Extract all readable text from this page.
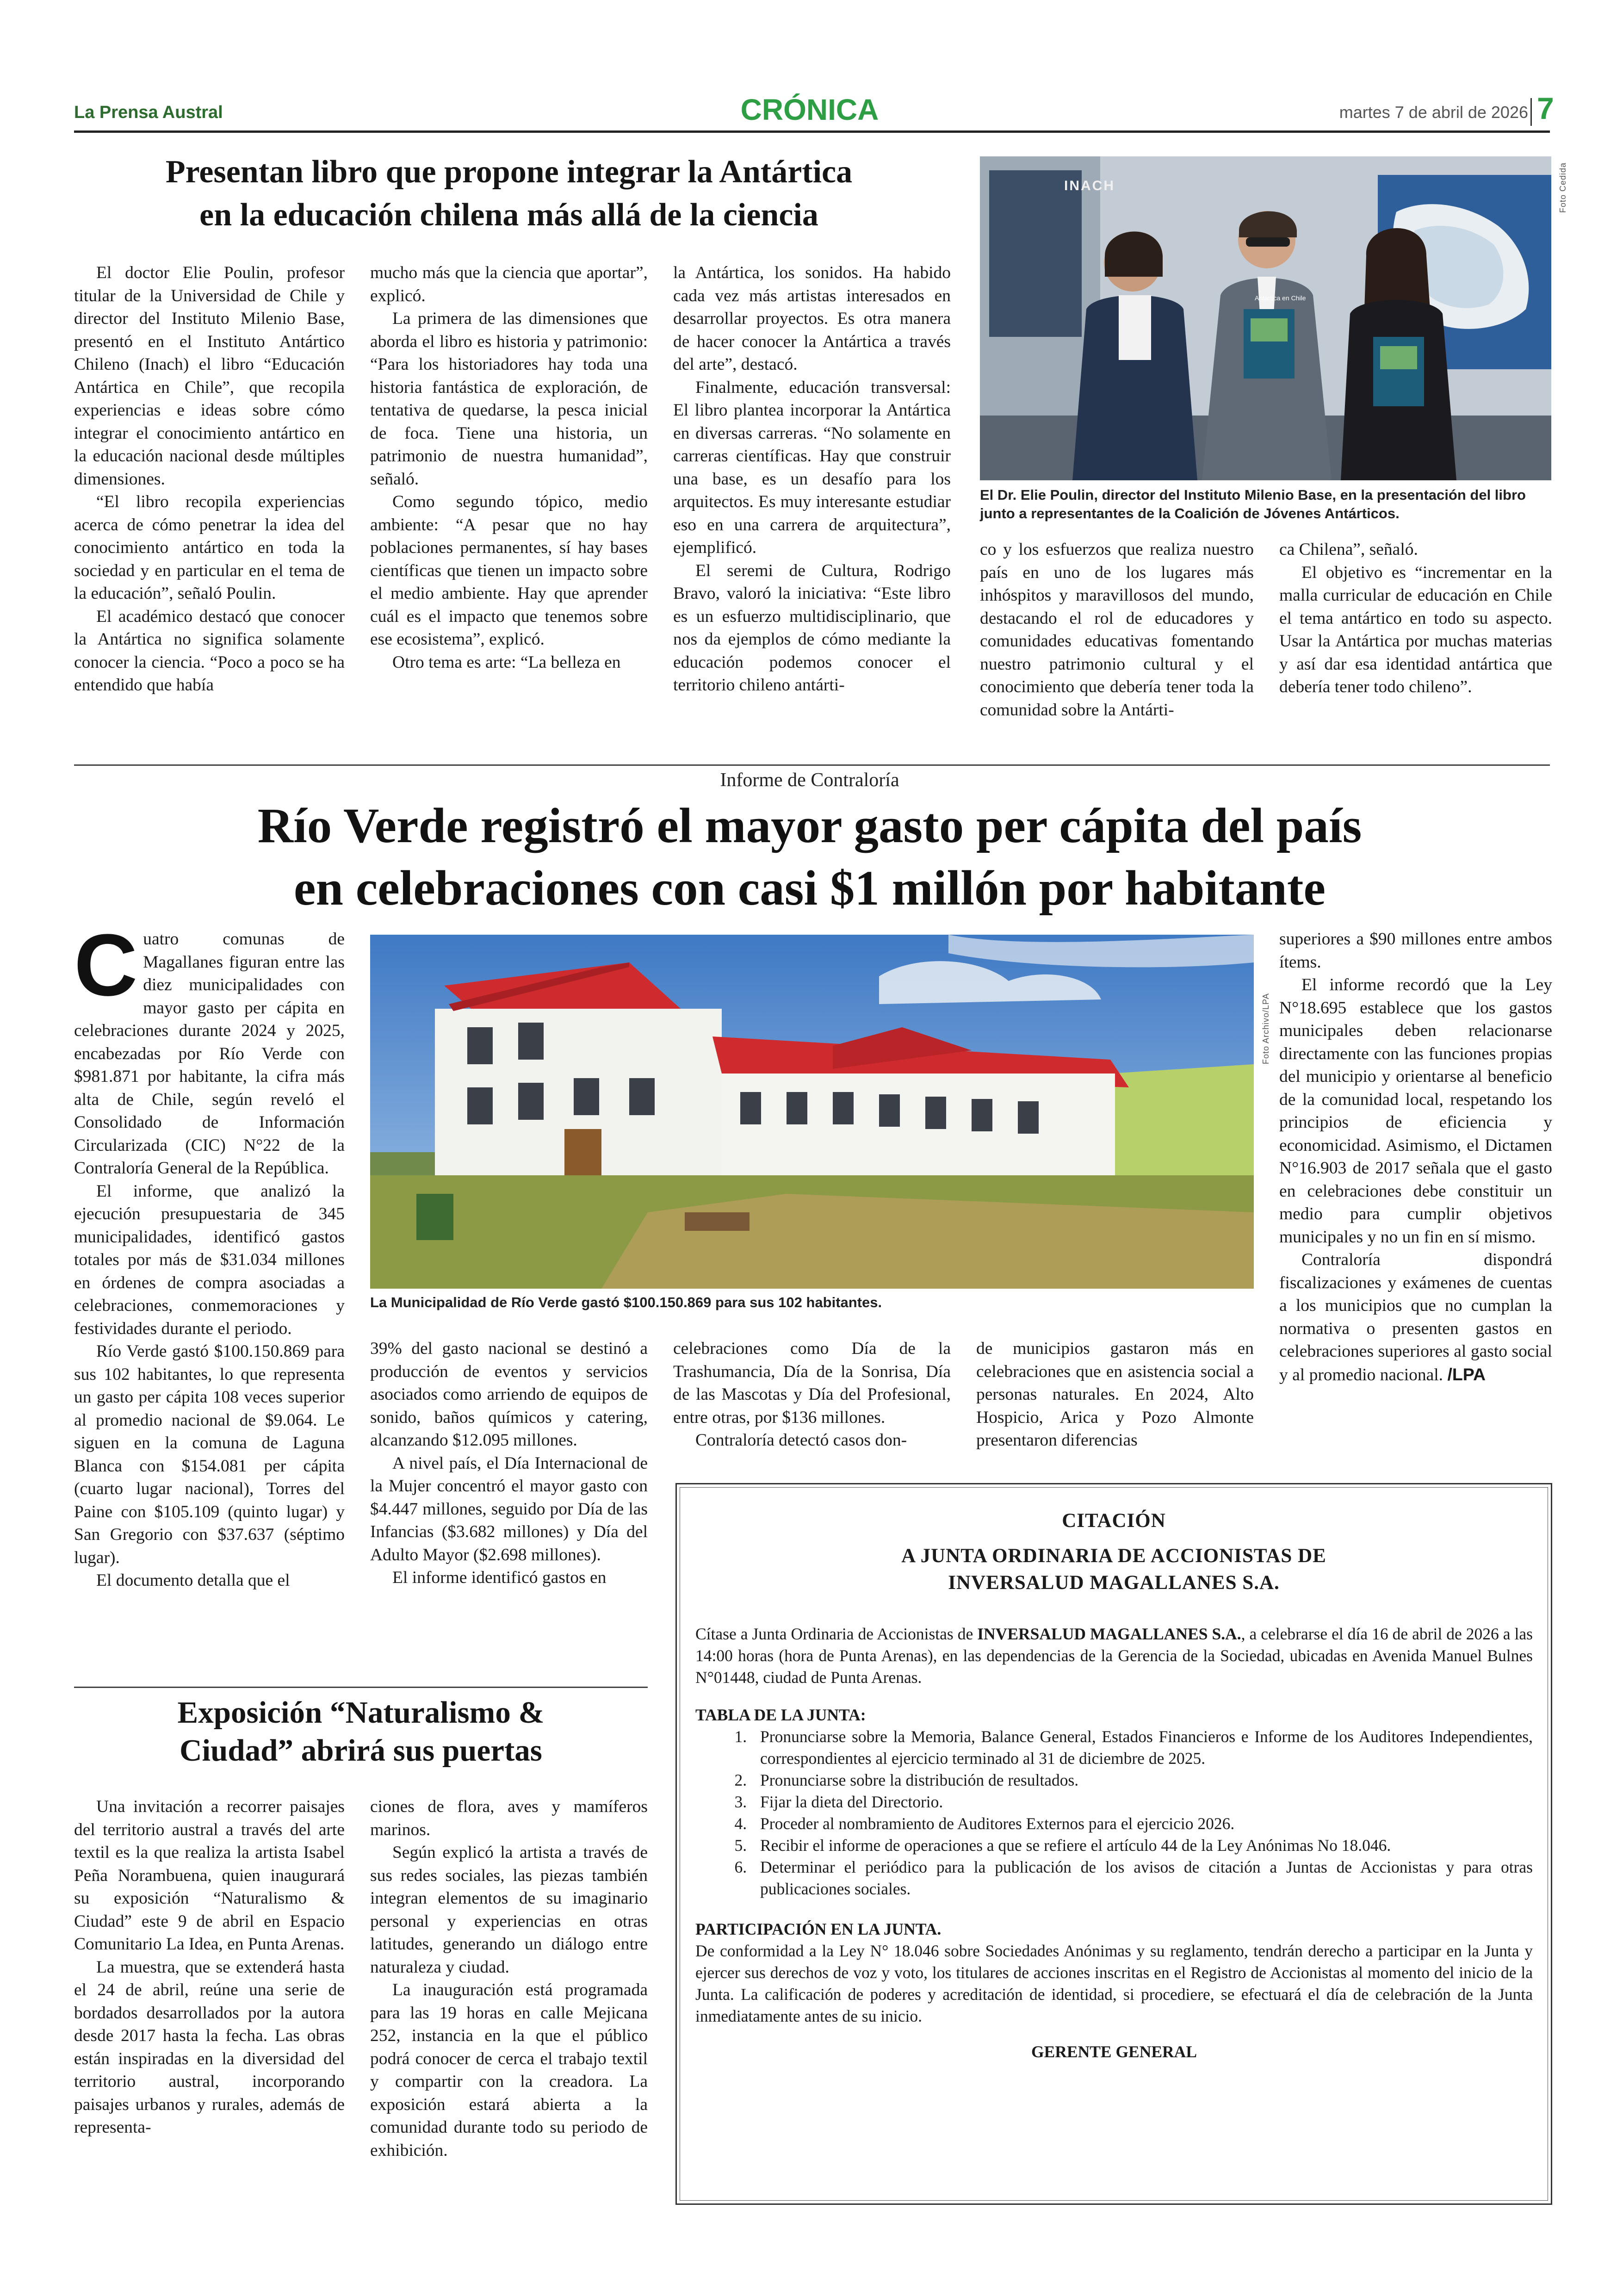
La Prensa Austral	CRÓNICA	martes 7 de abril de 2026 7
Presentan libro que propone integrar la Antártica
en la educación chilena más allá de la ciencia

El doctor Elie Poulin, profesor titular de la Universidad de Chile y director del Instituto Milenio Base, presentó en el Instituto Antártico Chileno (Inach) el libro “Educación Antártica en Chile”, que recopila experiencias e ideas sobre cómo integrar el conocimiento antártico en la educación nacional desde múltiples dimensiones.

“El libro recopila experiencias acerca de cómo penetrar la idea del conocimiento antártico en toda la sociedad y en particular en el tema de la educación”, señaló Poulin.

El académico destacó que conocer la Antártica no significa solamente conocer la ciencia. “Poco a poco se ha entendido que había

mucho más que la ciencia que aportar”, explicó.

La primera de las dimensiones que aborda el libro es historia y patrimonio: “Para los historiadores hay toda una historia fantástica de exploración, de tentativa de quedarse, la pesca inicial de foca. Tiene una historia, un patrimonio de nuestra humanidad”, señaló.

Como segundo tópico, medio ambiente: “A pesar que no hay poblaciones permanentes, sí hay bases científicas que tienen un impacto sobre el medio ambiente. Hay que aprender cuál es el impacto que tenemos sobre ese ecosistema”, explicó.

Otro tema es arte: “La belleza en

la Antártica, los sonidos. Ha habido cada vez más artistas interesados en desarrollar proyectos. Es otra manera de hacer conocer la Antártica a través del arte”, destacó.

Finalmente, educación transversal: El libro plantea incorporar la Antártica en diversas carreras. “No solamente en carreras científicas. Hay que construir una base, es un desafío para los arquitectos. Es muy interesante estudiar eso en una carrera de arquitectura”, ejemplificó.

El seremi de Cultura, Rodrigo Bravo, valoró la iniciativa: “Este libro es un esfuerzo multidisciplinario, que nos da ejemplos de cómo mediante la educación podemos conocer el territorio chileno antárti-

INACH
Antártica en Chile
Foto Cedida
El Dr. Elie Poulin, director del Instituto Milenio Base, en la presentación del libro junto a representantes de la Coalición de Jóvenes Antárticos.

co y los esfuerzos que realiza nuestro país en uno de los lugares más inhóspitos y maravillosos del mundo, destacando el rol de educadores y comunidades educativas fomentando nuestro patrimonio cultural y el conocimiento que debería tener toda la comunidad sobre la Antárti-

ca Chilena”, señaló.

El objetivo es “incrementar en la malla curricular de educación en Chile el tema antártico en todo su aspecto. Usar la Antártica por muchas materias y así dar esa identidad antártica que debería tener todo chileno”.

Informe de Contraloría
Río Verde registró el mayor gasto per cápita del país
en celebraciones con casi $1 millón por habitante

Cuatro comunas de Magallanes figuran entre las diez municipalidades con mayor gasto per cápita en celebraciones durante 2024 y 2025, encabezadas por Río Verde con $981.871 por habitante, la cifra más alta de Chile, según reveló el Consolidado de Información Circularizada (CIC) N°22 de la Contraloría General de la República.

El informe, que analizó la ejecución presupuestaria de 345 municipalidades, identificó gastos totales por más de $31.034 millones en órdenes de compra asociadas a celebraciones, conmemoraciones y festividades durante el periodo.

Río Verde gastó $100.150.869 para sus 102 habitantes, lo que representa un gasto per cápita 108 veces superior al promedio nacional de $9.064. Le siguen en la comuna de Laguna Blanca con $154.081 per cápita (cuarto lugar nacional), Torres del Paine con $105.109 (quinto lugar) y San Gregorio con $37.637 (séptimo lugar).

El documento detalla que el

Foto Archivo/LPA
La Municipalidad de Río Verde gastó $100.150.869 para sus 102 habitantes.

39% del gasto nacional se destinó a producción de eventos y servicios asociados como arriendo de equipos de sonido, baños químicos y catering, alcanzando $12.095 millones.

A nivel país, el Día Internacional de la Mujer concentró el mayor gasto con $4.447 millones, seguido por Día de las Infancias ($3.682 millones) y Día del Adulto Mayor ($2.698 millones).

El informe identificó gastos en

celebraciones como Día de la Trashumancia, Día de la Sonrisa, Día de las Mascotas y Día del Profesional, entre otras, por $136 millones.

Contraloría detectó casos don-

de municipios gastaron más en celebraciones que en asistencia social a personas naturales. En 2024, Alto Hospicio, Arica y Pozo Almonte presentaron diferencias

superiores a $90 millones entre ambos ítems.

El informe recordó que la Ley N°18.695 establece que los gastos municipales deben relacionarse directamente con las funciones propias del municipio y orientarse al beneficio de la comunidad local, respetando los principios de eficiencia y economicidad. Asimismo, el Dictamen N°16.903 de 2017 señala que el gasto en celebraciones debe constituir un medio para cumplir objetivos municipales y no un fin en sí mismo.

Contraloría dispondrá fiscalizaciones y exámenes de cuentas a los municipios que no cumplan la normativa o presenten gastos en celebraciones superiores al gasto social y al promedio nacional. /LPA

Exposición “Naturalismo &
Ciudad” abrirá sus puertas

Una invitación a recorrer paisajes del territorio austral a través del arte textil es la que realiza la artista Isabel Peña Norambuena, quien inaugurará su exposición “Naturalismo & Ciudad” este 9 de abril en Espacio Comunitario La Idea, en Punta Arenas.

La muestra, que se extenderá hasta el 24 de abril, reúne una serie de bordados desarrollados por la autora desde 2017 hasta la fecha. Las obras están inspiradas en la diversidad del territorio austral, incorporando paisajes urbanos y rurales, además de representa-

ciones de flora, aves y mamíferos marinos.

Según explicó la artista a través de sus redes sociales, las piezas también integran elementos de su imaginario personal y experiencias en otras latitudes, generando un diálogo entre naturaleza y ciudad.

La inauguración está programada para las 19 horas en calle Mejicana 252, instancia en la que el público podrá conocer de cerca el trabajo textil y compartir con la creadora. La exposición estará abierta a la comunidad durante todo su periodo de exhibición.

CITACIÓN
A JUNTA ORDINARIA DE ACCIONISTAS DE
INVERSALUD MAGALLANES S.A.
Cítase a Junta Ordinaria de Accionistas de INVERSALUD MAGALLANES S.A., a celebrarse el día 16 de abril de 2026 a las 14:00 horas (hora de Punta Arenas), en las dependencias de la Gerencia de la Sociedad, ubicadas en Avenida Manuel Bulnes N°01448, ciudad de Punta Arenas.
TABLA DE LA JUNTA:
1. Pronunciarse sobre la Memoria, Balance General, Estados Financieros e Informe de los Auditores Independientes, correspondientes al ejercicio terminado al 31 de diciembre de 2025.
2. Pronunciarse sobre la distribución de resultados.
3. Fijar la dieta del Directorio.
4. Proceder al nombramiento de Auditores Externos para el ejercicio 2026.
5. Recibir el informe de operaciones a que se refiere el artículo 44 de la Ley Anónimas No 18.046.
6. Determinar el periódico para la publicación de los avisos de citación a Juntas de Accionistas y para otras publicaciones sociales.
PARTICIPACIÓN EN LA JUNTA.
De conformidad a la Ley N° 18.046 sobre Sociedades Anónimas y su reglamento, tendrán derecho a participar en la Junta y ejercer sus derechos de voz y voto, los titulares de acciones inscritas en el Registro de Accionistas al momento del inicio de la Junta. La calificación de poderes y acreditación de identidad, si procediere, se efectuará el día de celebración de la Junta inmediatamente antes de su inicio.
GERENTE GENERAL
